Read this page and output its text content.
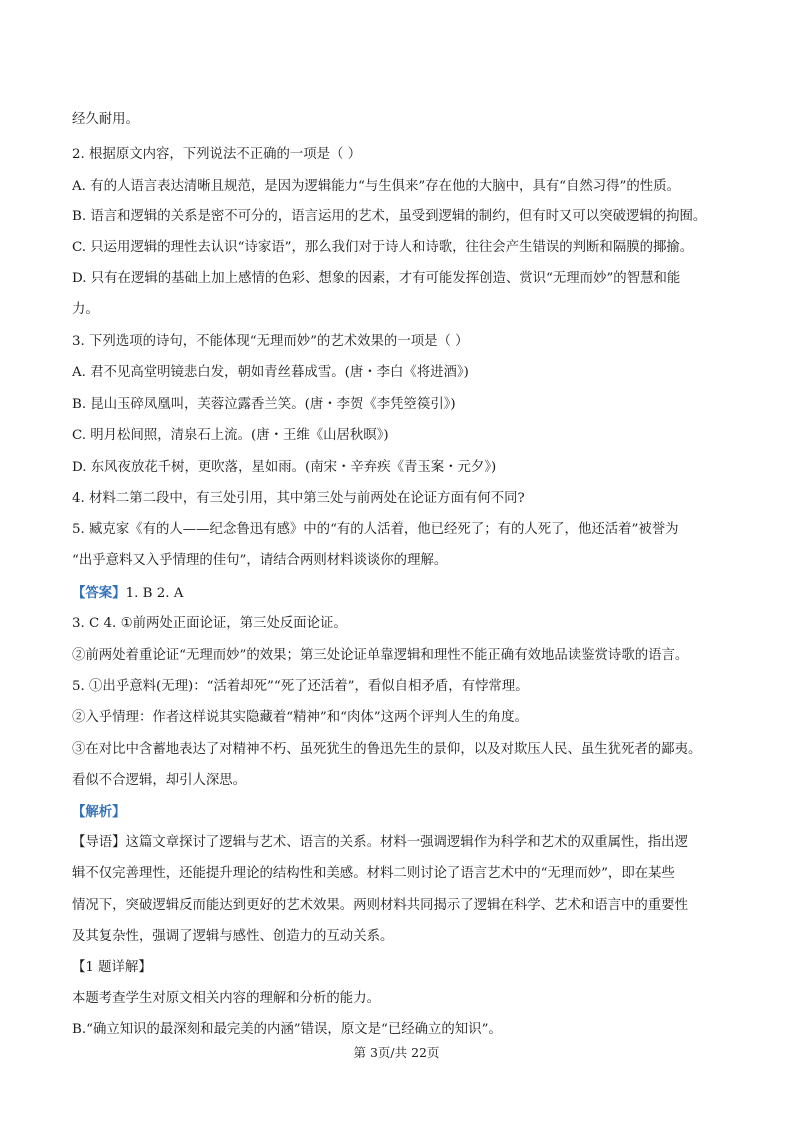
经久耐用。
2. 根据原文内容，下列说法不正确的一项是（ ）
A. 有的人语言表达清晰且规范，是因为逻辑能力“与生俱来”存在他的大脑中，具有“自然习得”的性质。
B. 语言和逻辑的关系是密不可分的，语言运用的艺术，虽受到逻辑的制约，但有时又可以突破逻辑的拘囿。
C. 只运用逻辑的理性去认识“诗家语”，那么我们对于诗人和诗歌，往往会产生错误的判断和隔膜的揶揄。
D. 只有在逻辑的基础上加上感情的色彩、想象的因素，才有可能发挥创造、赏识“无理而妙”的智慧和能
力。
3. 下列选项的诗句，不能体现“无理而妙”的艺术效果的一项是（ ）
A. 君不见高堂明镜悲白发，朝如青丝暮成雪。(唐・李白《将进酒》)
B. 昆山玉碎凤凰叫，芙蓉泣露香兰笑。(唐・李贺《李凭箜篌引》)
C. 明月松间照，清泉石上流。(唐・王维《山居秋暝》)
D. 东风夜放花千树，更吹落，星如雨。(南宋・辛弃疾《青玉案・元夕》)
4. 材料二第二段中，有三处引用，其中第三处与前两处在论证方面有何不同?
5. 臧克家《有的人——纪念鲁迅有感》中的“有的人活着，他已经死了；有的人死了，他还活着”被誉为
“出乎意料又入乎情理的佳句”，请结合两则材料谈谈你的理解。
【答案】1. B 2. A
3. C 4. ①前两处正面论证，第三处反面论证。
②前两处着重论证“无理而妙”的效果；第三处论证单靠逻辑和理性不能正确有效地品读鉴赏诗歌的语言。
5. ①出乎意料(无理)：“活着却死”“死了还活着”，看似自相矛盾，有悖常理。
②入乎情理：作者这样说其实隐藏着“精神”和“肉体”这两个评判人生的角度。
③在对比中含蓄地表达了对精神不朽、虽死犹生的鲁迅先生的景仰，以及对欺压人民、虽生犹死者的鄙夷。
看似不合逻辑，却引人深思。
【解析】
【导语】这篇文章探讨了逻辑与艺术、语言的关系。材料一强调逻辑作为科学和艺术的双重属性，指出逻
辑不仅完善理性，还能提升理论的结构性和美感。材料二则讨论了语言艺术中的“无理而妙”，即在某些
情况下，突破逻辑反而能达到更好的艺术效果。两则材料共同揭示了逻辑在科学、艺术和语言中的重要性
及其复杂性，强调了逻辑与感性、创造力的互动关系。
【1 题详解】
本题考查学生对原文相关内容的理解和分析的能力。
B.“确立知识的最深刻和最完美的内涵”错误，原文是“已经确立的知识”。
第 3页/共 22页
